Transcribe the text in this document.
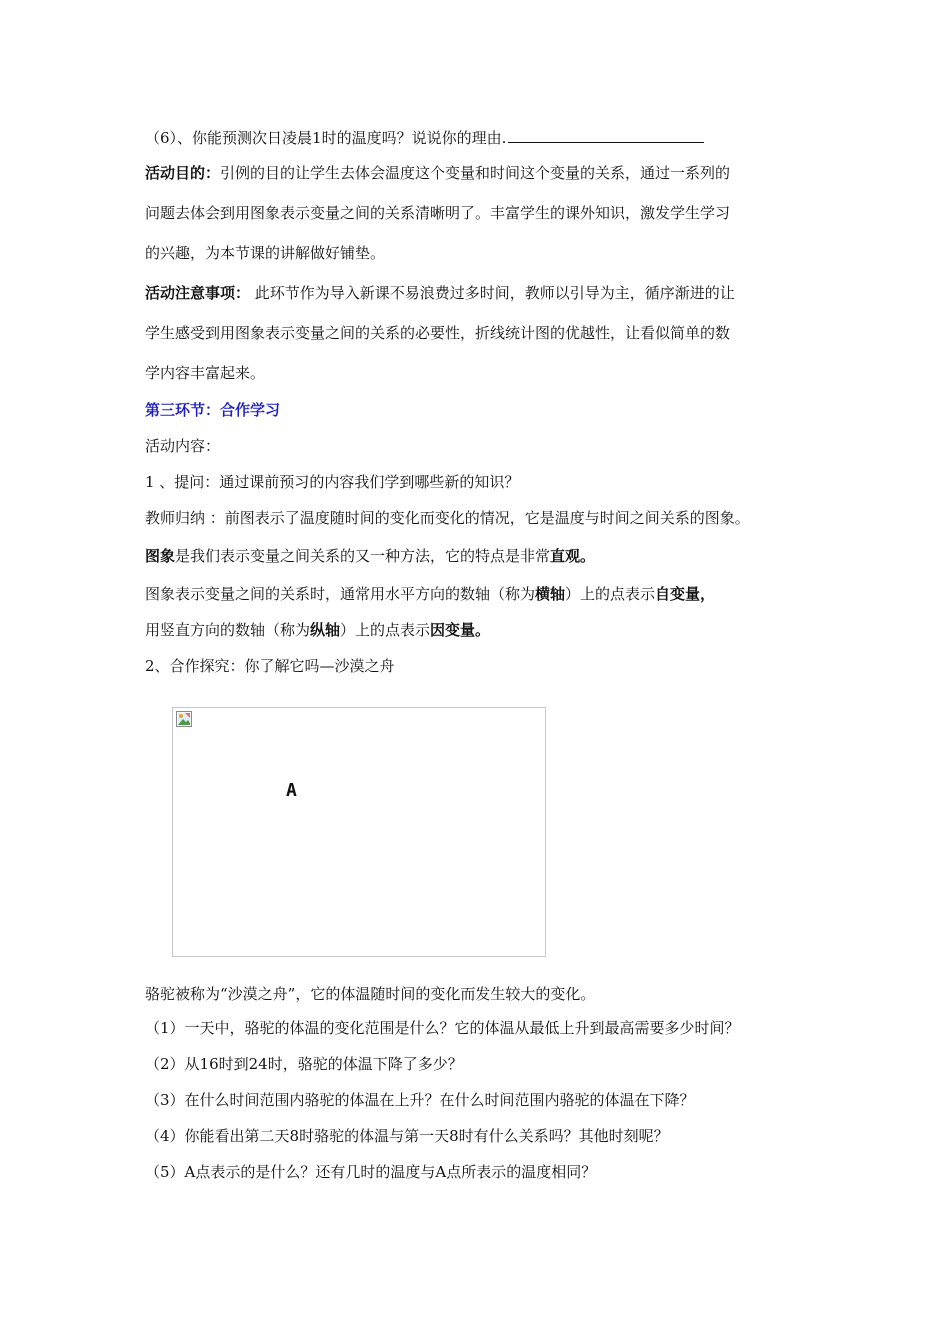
（6）、你能预测次日凌晨1时的温度吗？说说你的理由.
活动目的：引例的目的让学生去体会温度这个变量和时间这个变量的关系，通过一系列的
问题去体会到用图象表示变量之间的关系清晰明了。丰富学生的课外知识，激发学生学习
的兴趣，为本节课的讲解做好铺垫。
活动注意事项： 此环节作为导入新课不易浪费过多时间，教师以引导为主，循序渐进的让
学生感受到用图象表示变量之间的关系的必要性，折线统计图的优越性，让看似简单的数
学内容丰富起来。
第三环节：合作学习
活动内容：
1 、提问：通过课前预习的内容我们学到哪些新的知识？
教师归纳 ：前图表示了温度随时间的变化而变化的情况，它是温度与时间之间关系的图象。
图象是我们表示变量之间关系的又一种方法，它的特点是非常直观。
图象表示变量之间的关系时，通常用水平方向的数轴（称为横轴）上的点表示自变量，
用竖直方向的数轴（称为纵轴）上的点表示因变量。
2、合作探究：你了解它吗—沙漠之舟
A
骆驼被称为“沙漠之舟”，它的体温随时间的变化而发生较大的变化。
（1）一天中，骆驼的体温的变化范围是什么？它的体温从最低上升到最高需要多少时间？
（2）从16时到24时，骆驼的体温下降了多少？
（3）在什么时间范围内骆驼的体温在上升？在什么时间范围内骆驼的体温在下降？
（4）你能看出第二天8时骆驼的体温与第一天8时有什么关系吗？其他时刻呢？
（5）A点表示的是什么？还有几时的温度与A点所表示的温度相同？
